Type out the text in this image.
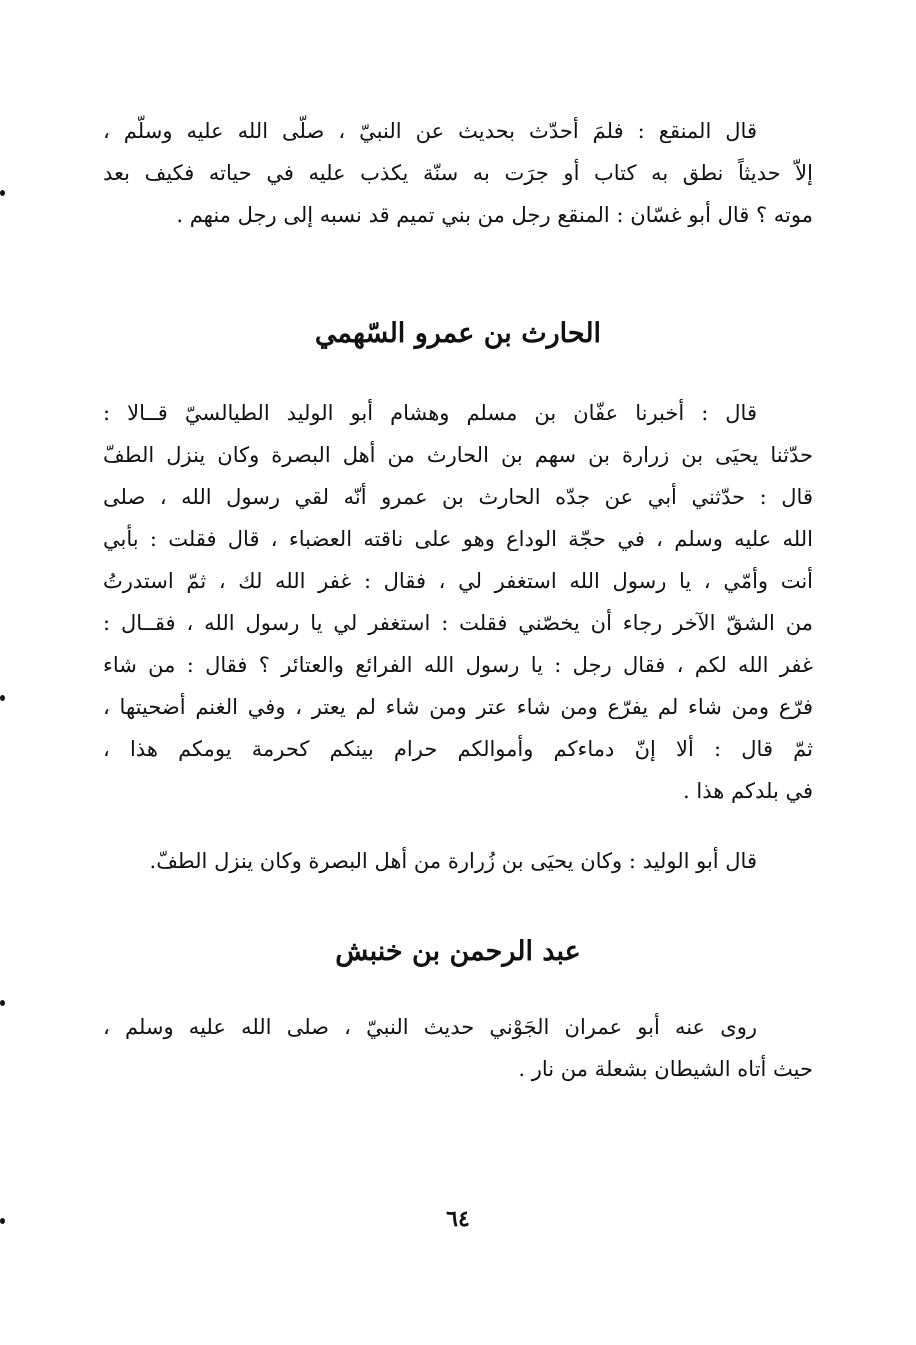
قال المنقع : فلمَ أحدّث بحديث عن النبيّ ، صلّى الله عليه وسلّم ،
إلاّ حديثاً نطق به كتاب أو جرَت به سنّة يكذب عليه في حياته فكيف بعد
موته ؟ قال أبو غسّان : المنقع رجل من بني تميم قد نسبه إلى رجل منهم .
الحارث بن عمرو السّهمي
قال : أخبرنا عفّان بن مسلم وهشام أبو الوليد الطيالسيّ قــالا :
حدّثنا يحيَى بن زرارة بن سهم بن الحارث من أهل البصرة وكان ينزل الطفّ
قال : حدّثني أبي عن جدّه الحارث بن عمرو أنّه لقي رسول الله ، صلى
الله عليه وسلم ، في حجّة الوداع وهو على ناقته العضباء ، قال فقلت : بأبي
أنت وأمّي ، يا رسول الله استغفر لي ، فقال : غفر الله لك ، ثمّ استدرتُ
من الشقّ الآخر رجاء أن يخصّني فقلت : استغفر لي يا رسول الله ، فقــال :
غفر الله لكم ، فقال رجل : يا رسول الله الفرائع والعتائر ؟ فقال : من شاء
فرّع ومن شاء لم يفرّع ومن شاء عتر ومن شاء لم يعتر ، وفي الغنم أضحيتها ،
ثمّ قال : ألا إنّ دماءكم وأموالكم حرام بينكم كحرمة يومكم هذا ،
في بلدكم هذا .
قال أبو الوليد : وكان يحيَى بن زُرارة من أهل البصرة وكان ينزل الطفّ.
عبد الرحمن بن خنبش
روى عنه أبو عمران الجَوْني حديث النبيّ ، صلى الله عليه وسلم ،
حيث أتاه الشيطان بشعلة من نار .
٦٤
